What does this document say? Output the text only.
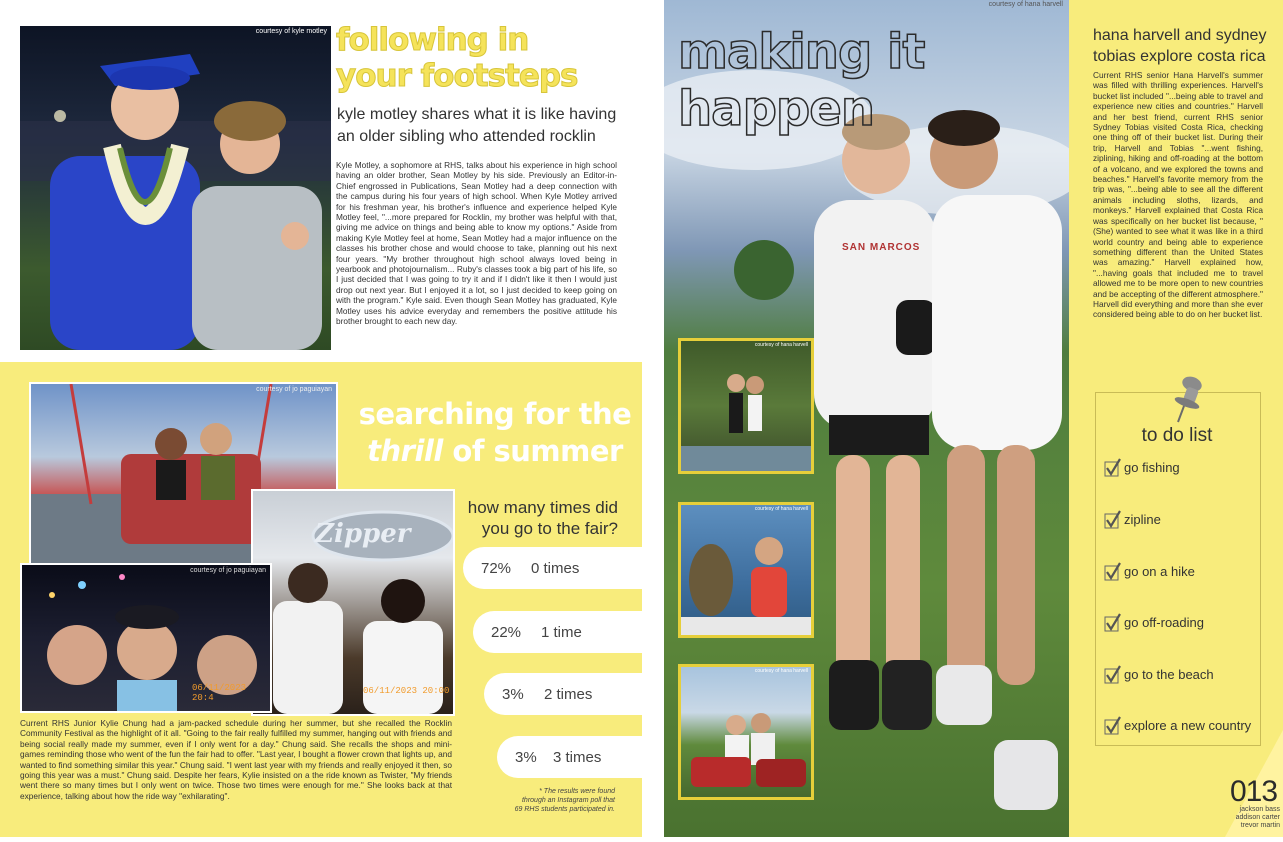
courtesy of kyle motley following in
your footsteps
kyle motley shares what it is like having
an older sibling who attended rocklin
Kyle Motley, a sophomore at RHS, talks about his experience in high school having an older brother, Sean Motley by his side. Previously an Editor-in-Chief engrossed in Publications, Sean Motley had a deep connection with the campus during his four years of high school. When Kyle Motley arrived for his freshman year, his brother's influence and experience helped Kyle Motley feel, "...more prepared for Rocklin, my brother was helpful with that, giving me advice on things and being able to know my options." Aside from making Kyle Motley feel at home, Sean Motley had a major influence on the classes his brother chose and would choose to take, planning out his next four years. "My brother throughout high school always loved being in yearbook and photojournalism... Ruby's classes took a big part of his life, so I just decided that I was going to try it and if I didn't like it then I would just drop out next year. But I enjoyed it a lot, so I just decided to keep going on with the program." Kyle said. Even though Sean Motley has graduated, Kyle Motley uses his advice everyday and remembers the positive attitude his brother brought to each new day.
courtesy of jo paguiayan
Zipper
06/11/2023 20:00
courtesy of jo paguiayan
06/11/2023 20:4
searching for the
thrill of summer
how many times did
you go to the fair?
72%	0 times
22%	1 time
3%	2 times
3%	3 times
* The results were found
through an Instagram poll that
69 RHS students participated in.
Current RHS Junior Kylie Chung had a jam-packed schedule during her summer, but she recalled the Rocklin Community Festival as the highlight of it all. "Going to the fair really fulfilled my summer, hanging out with friends and being social really made my summer, even if I only went for a day." Chung said. She recalls the shops and mini-games reminding those who went of the fun the fair had to offer. "Last year, I bought a flower crown that lights up, and wanted to find something similar this year." Chung said. "I went last year with my friends and really enjoyed it then, so going this year was a must." Chung said. Despite her fears, Kylie insisted on a the ride known as Twister, "My friends went there so many times but I only went on twice. Those two times were enough for me." She looks back at that experience, talking about how the ride way "exhilarating".
SAN MARCOS
courtesy of hana harvell
making it
happen
courtesy of hana harvell
courtesy of hana harvell
courtesy of hana harvell
hana harvell and sydney
tobias explore costa rica
Current RHS senior Hana Harvell's summer was filled with thrilling experiences. Harvell's bucket list included "...being able to travel and experience new cities and countries." Harvell and her best friend, current RHS senior Sydney Tobias visited Costa Rica, checking one thing off of their bucket list. During their trip, Harvell and Tobias "...went fishing, ziplining, hiking and off-roading at the bottom of a volcano, and we explored the towns and beaches." Harvell's favorite memory from the trip was, "...being able to see all the different animals including sloths, lizards, and monkeys." Harvell explained that Costa Rica was specifically on her bucket list because, "(She) wanted to see what it was like in a third world country and being able to experience something different than the United States was amazing." Harvell explained how, "...having goals that included me to travel allowed me to be more open to new countries and be accepting of the different atmosphere." Harvell did everything and more than she ever considered being able to do on her bucket list.
to do list
go fishing
zipline
go on a hike
go off-roading
go to the beach
explore a new country
013
jackson bass
addison carter
trevor martin
